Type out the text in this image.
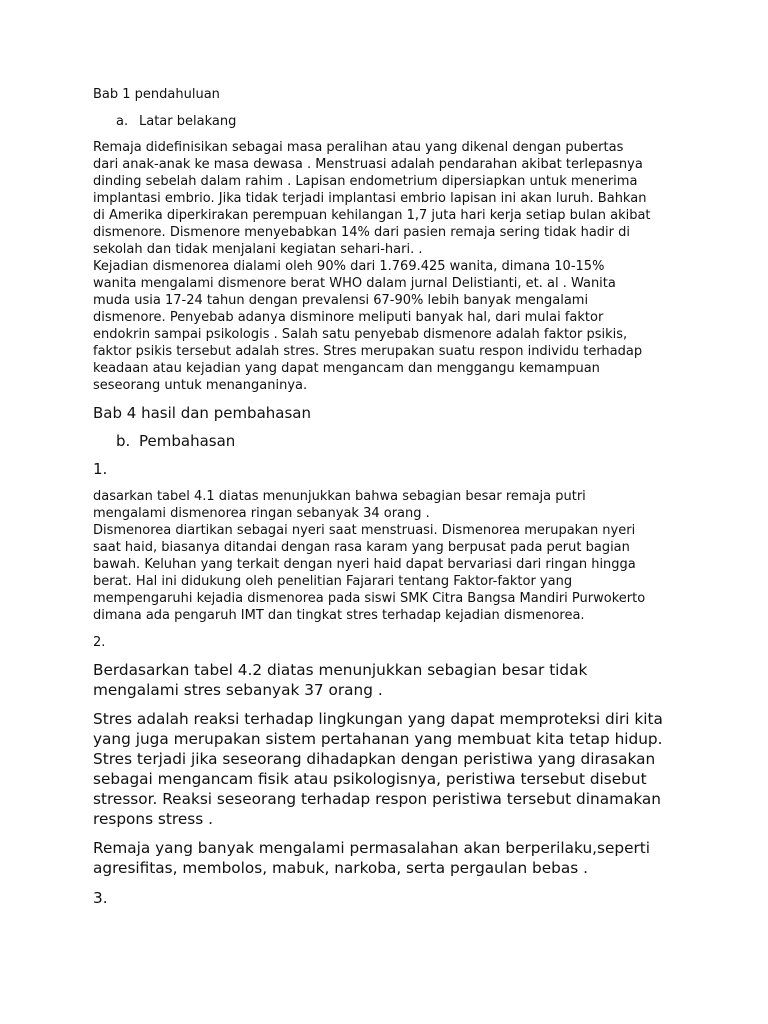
Bab 1 pendahuluan

a. Latar belakang

Remaja didefinisikan sebagai masa peralihan atau yang dikenal dengan pubertas
dari anak-anak ke masa dewasa . Menstruasi adalah pendarahan akibat terlepasnya
dinding sebelah dalam rahim . Lapisan endometrium dipersiapkan untuk menerima
implantasi embrio. Jika tidak terjadi implantasi embrio lapisan ini akan luruh. Bahkan
di Amerika diperkirakan perempuan kehilangan 1,7 juta hari kerja setiap bulan akibat
dismenore. Dismenore menyebabkan 14% dari pasien remaja sering tidak hadir di
sekolah dan tidak menjalani kegiatan sehari-hari. .

Kejadian dismenorea dialami oleh 90% dari 1.769.425 wanita, dimana 10-15%
wanita mengalami dismenore berat WHO dalam jurnal Delistianti, et. al . Wanita
muda usia 17-24 tahun dengan prevalensi 67-90% lebih banyak mengalami
dismenore. Penyebab adanya disminore meliputi banyak hal, dari mulai faktor
endokrin sampai psikologis . Salah satu penyebab dismenore adalah faktor psikis,
faktor psikis tersebut adalah stres. Stres merupakan suatu respon individu terhadap
keadaan atau kejadian yang dapat mengancam dan menggangu kemampuan
seseorang untuk menanganinya.

Bab 4 hasil dan pembahasan

b. Pembahasan

1.

dasarkan tabel 4.1 diatas menunjukkan bahwa sebagian besar remaja putri
mengalami dismenorea ringan sebanyak 34 orang .

Dismenorea diartikan sebagai nyeri saat menstruasi. Dismenorea merupakan nyeri
saat haid, biasanya ditandai dengan rasa karam yang berpusat pada perut bagian
bawah. Keluhan yang terkait dengan nyeri haid dapat bervariasi dari ringan hingga
berat. Hal ini didukung oleh penelitian Fajarari tentang Faktor-faktor yang
mempengaruhi kejadia dismenorea pada siswi SMK Citra Bangsa Mandiri Purwokerto
dimana ada pengaruh IMT dan tingkat stres terhadap kejadian dismenorea.

2.

Berdasarkan tabel 4.2 diatas menunjukkan sebagian besar tidak
mengalami stres sebanyak 37 orang .

Stres adalah reaksi terhadap lingkungan yang dapat memproteksi diri kita
yang juga merupakan sistem pertahanan yang membuat kita tetap hidup.
Stres terjadi jika seseorang dihadapkan dengan peristiwa yang dirasakan
sebagai mengancam fisik atau psikologisnya, peristiwa tersebut disebut
stressor. Reaksi seseorang terhadap respon peristiwa tersebut dinamakan
respons stress .

Remaja yang banyak mengalami permasalahan akan berperilaku,seperti
agresifitas, membolos, mabuk, narkoba, serta pergaulan bebas .

3.
